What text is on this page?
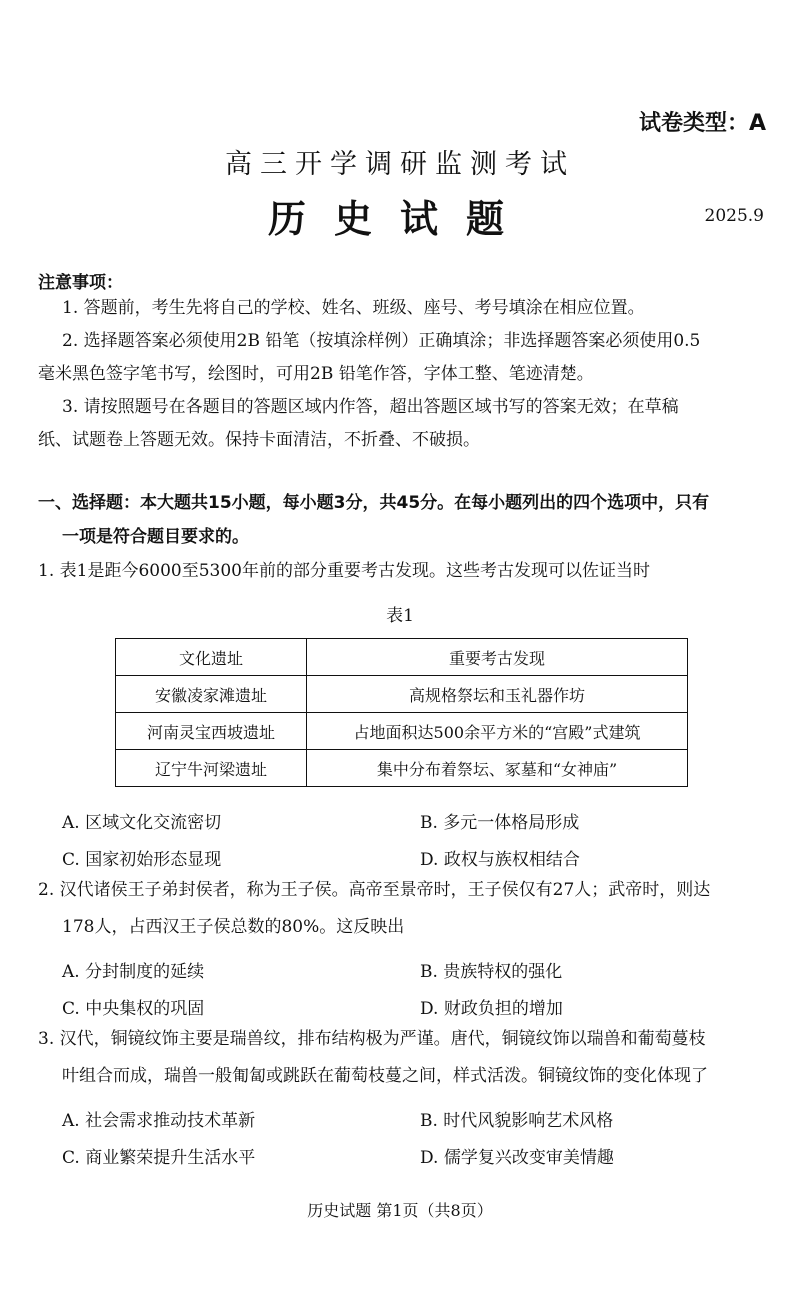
试卷类型：A
高三开学调研监测考试
历史试题	2025.9
注意事项：
1. 答题前，考生先将自己的学校、姓名、班级、座号、考号填涂在相应位置。
2. 选择题答案必须使用2B 铅笔（按填涂样例）正确填涂；非选择题答案必须使用0.5
毫米黑色签字笔书写，绘图时，可用2B 铅笔作答，字体工整、笔迹清楚。
3. 请按照题号在各题目的答题区域内作答，超出答题区域书写的答案无效；在草稿
纸、试题卷上答题无效。保持卡面清洁，不折叠、不破损。
一、选择题：本大题共15小题，每小题3分，共45分。在每小题列出的四个选项中，只有
一项是符合题目要求的。
1. 表1是距今6000至5300年前的部分重要考古发现。这些考古发现可以佐证当时
表1
文化遗址	重要考古发现
安徽凌家滩遗址	高规格祭坛和玉礼器作坊
河南灵宝西坡遗址	占地面积达500余平方米的“宫殿”式建筑
辽宁牛河梁遗址	集中分布着祭坛、冢墓和“女神庙”
A. 区域文化交流密切	B. 多元一体格局形成
C. 国家初始形态显现	D. 政权与族权相结合
2. 汉代诸侯王子弟封侯者，称为王子侯。高帝至景帝时，王子侯仅有27人；武帝时，则达
178人，占西汉王子侯总数的80%。这反映出
A. 分封制度的延续	B. 贵族特权的强化
C. 中央集权的巩固	D. 财政负担的增加
3. 汉代，铜镜纹饰主要是瑞兽纹，排布结构极为严谨。唐代，铜镜纹饰以瑞兽和葡萄蔓枝
叶组合而成，瑞兽一般匍匐或跳跃在葡萄枝蔓之间，样式活泼。铜镜纹饰的变化体现了
A. 社会需求推动技术革新	B. 时代风貌影响艺术风格
C. 商业繁荣提升生活水平	D. 儒学复兴改变审美情趣
历史试题 第1页（共8页）
